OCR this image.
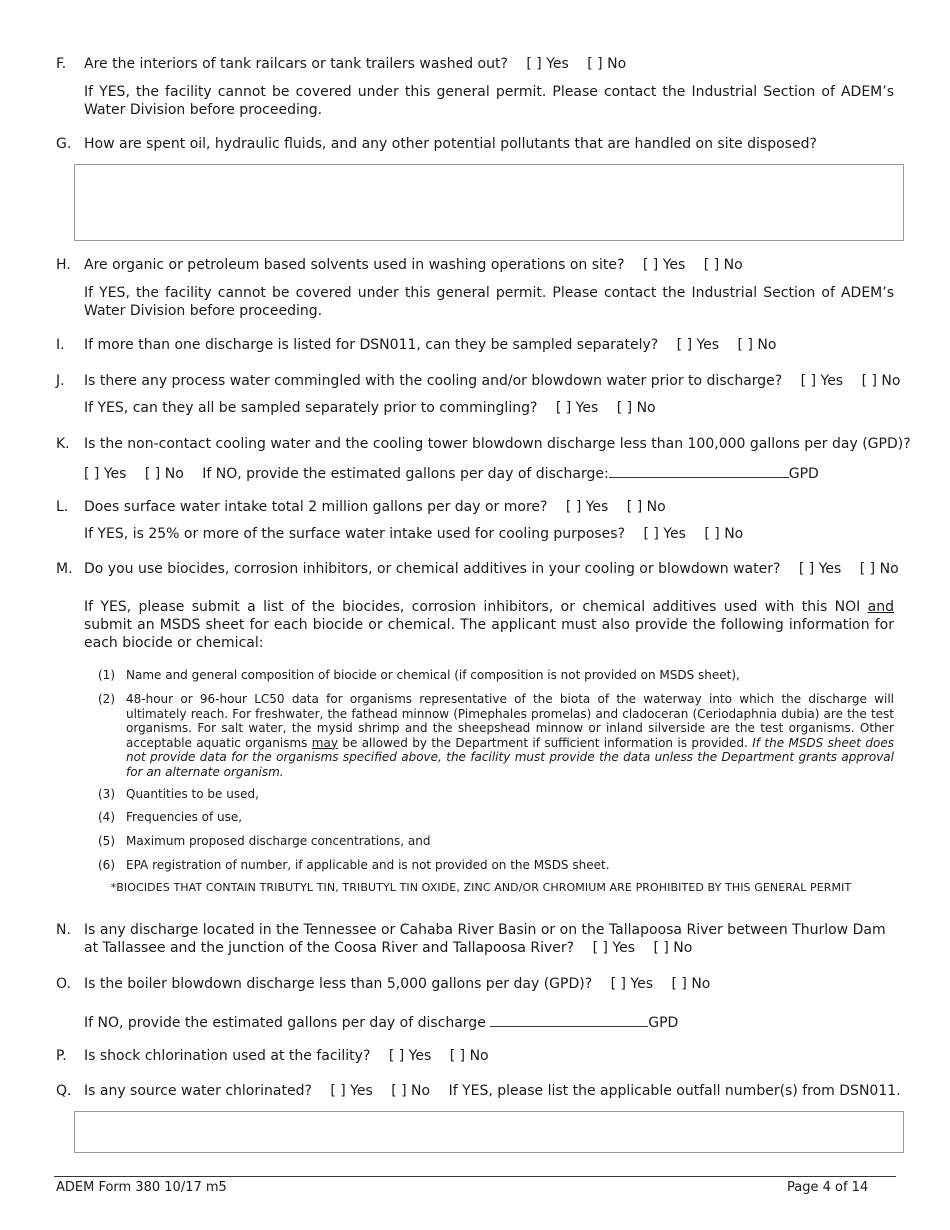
F. Are the interiors of tank railcars or tank trailers washed out? [ ] Yes [ ] No
If YES, the facility cannot be covered under this general permit. Please contact the Industrial Section of ADEM’s Water Division before proceeding.
G. How are spent oil, hydraulic fluids, and any other potential pollutants that are handled on site disposed?
H. Are organic or petroleum based solvents used in washing operations on site? [ ] Yes [ ] No
If YES, the facility cannot be covered under this general permit. Please contact the Industrial Section of ADEM’s Water Division before proceeding.
I. If more than one discharge is listed for DSN011, can they be sampled separately? [ ] Yes [ ] No
J. Is there any process water commingled with the cooling and/or blowdown water prior to discharge? [ ] Yes [ ] No
If YES, can they all be sampled separately prior to commingling? [ ] Yes [ ] No
K. Is the non-contact cooling water and the cooling tower blowdown discharge less than 100,000 gallons per day (GPD)?
[ ] Yes [ ] No If NO, provide the estimated gallons per day of discharge:	GPD
L. Does surface water intake total 2 million gallons per day or more? [ ] Yes [ ] No
If YES, is 25% or more of the surface water intake used for cooling purposes? [ ] Yes [ ] No
M. Do you use biocides, corrosion inhibitors, or chemical additives in your cooling or blowdown water? [ ] Yes [ ] No
If YES, please submit a list of the biocides, corrosion inhibitors, or chemical additives used with this NOI and submit an MSDS sheet for each biocide or chemical. The applicant must also provide the following information for each biocide or chemical:
(1) Name and general composition of biocide or chemical (if composition is not provided on MSDS sheet),
(2) 48-hour or 96-hour LC50 data for organisms representative of the biota of the waterway into which the discharge will ultimately reach. For freshwater, the fathead minnow (Pimephales promelas) and cladoceran (Ceriodaphnia dubia) are the test organisms. For salt water, the mysid shrimp and the sheepshead minnow or inland silverside are the test organisms. Other acceptable aquatic organisms may be allowed by the Department if sufficient information is provided. If the MSDS sheet does not provide data for the organisms specified above, the facility must provide the data unless the Department grants approval for an alternate organism.
(3) Quantities to be used,
(4) Frequencies of use,
(5) Maximum proposed discharge concentrations, and
(6) EPA registration of number, if applicable and is not provided on the MSDS sheet.
*BIOCIDES THAT CONTAIN TRIBUTYL TIN, TRIBUTYL TIN OXIDE, ZINC AND/OR CHROMIUM ARE PROHIBITED BY THIS GENERAL PERMIT
N. Is any discharge located in the Tennessee or Cahaba River Basin or on the Tallapoosa River between Thurlow Dam
at Tallassee and the junction of the Coosa River and Tallapoosa River? [ ] Yes [ ] No
O. Is the boiler blowdown discharge less than 5,000 gallons per day (GPD)? [ ] Yes [ ] No
If NO, provide the estimated gallons per day of discharge	GPD
P. Is shock chlorination used at the facility? [ ] Yes [ ] No
Q. Is any source water chlorinated? [ ] Yes [ ] No If YES, please list the applicable outfall number(s) from DSN011.
ADEM Form 380 10/17 m5	Page 4 of 14
